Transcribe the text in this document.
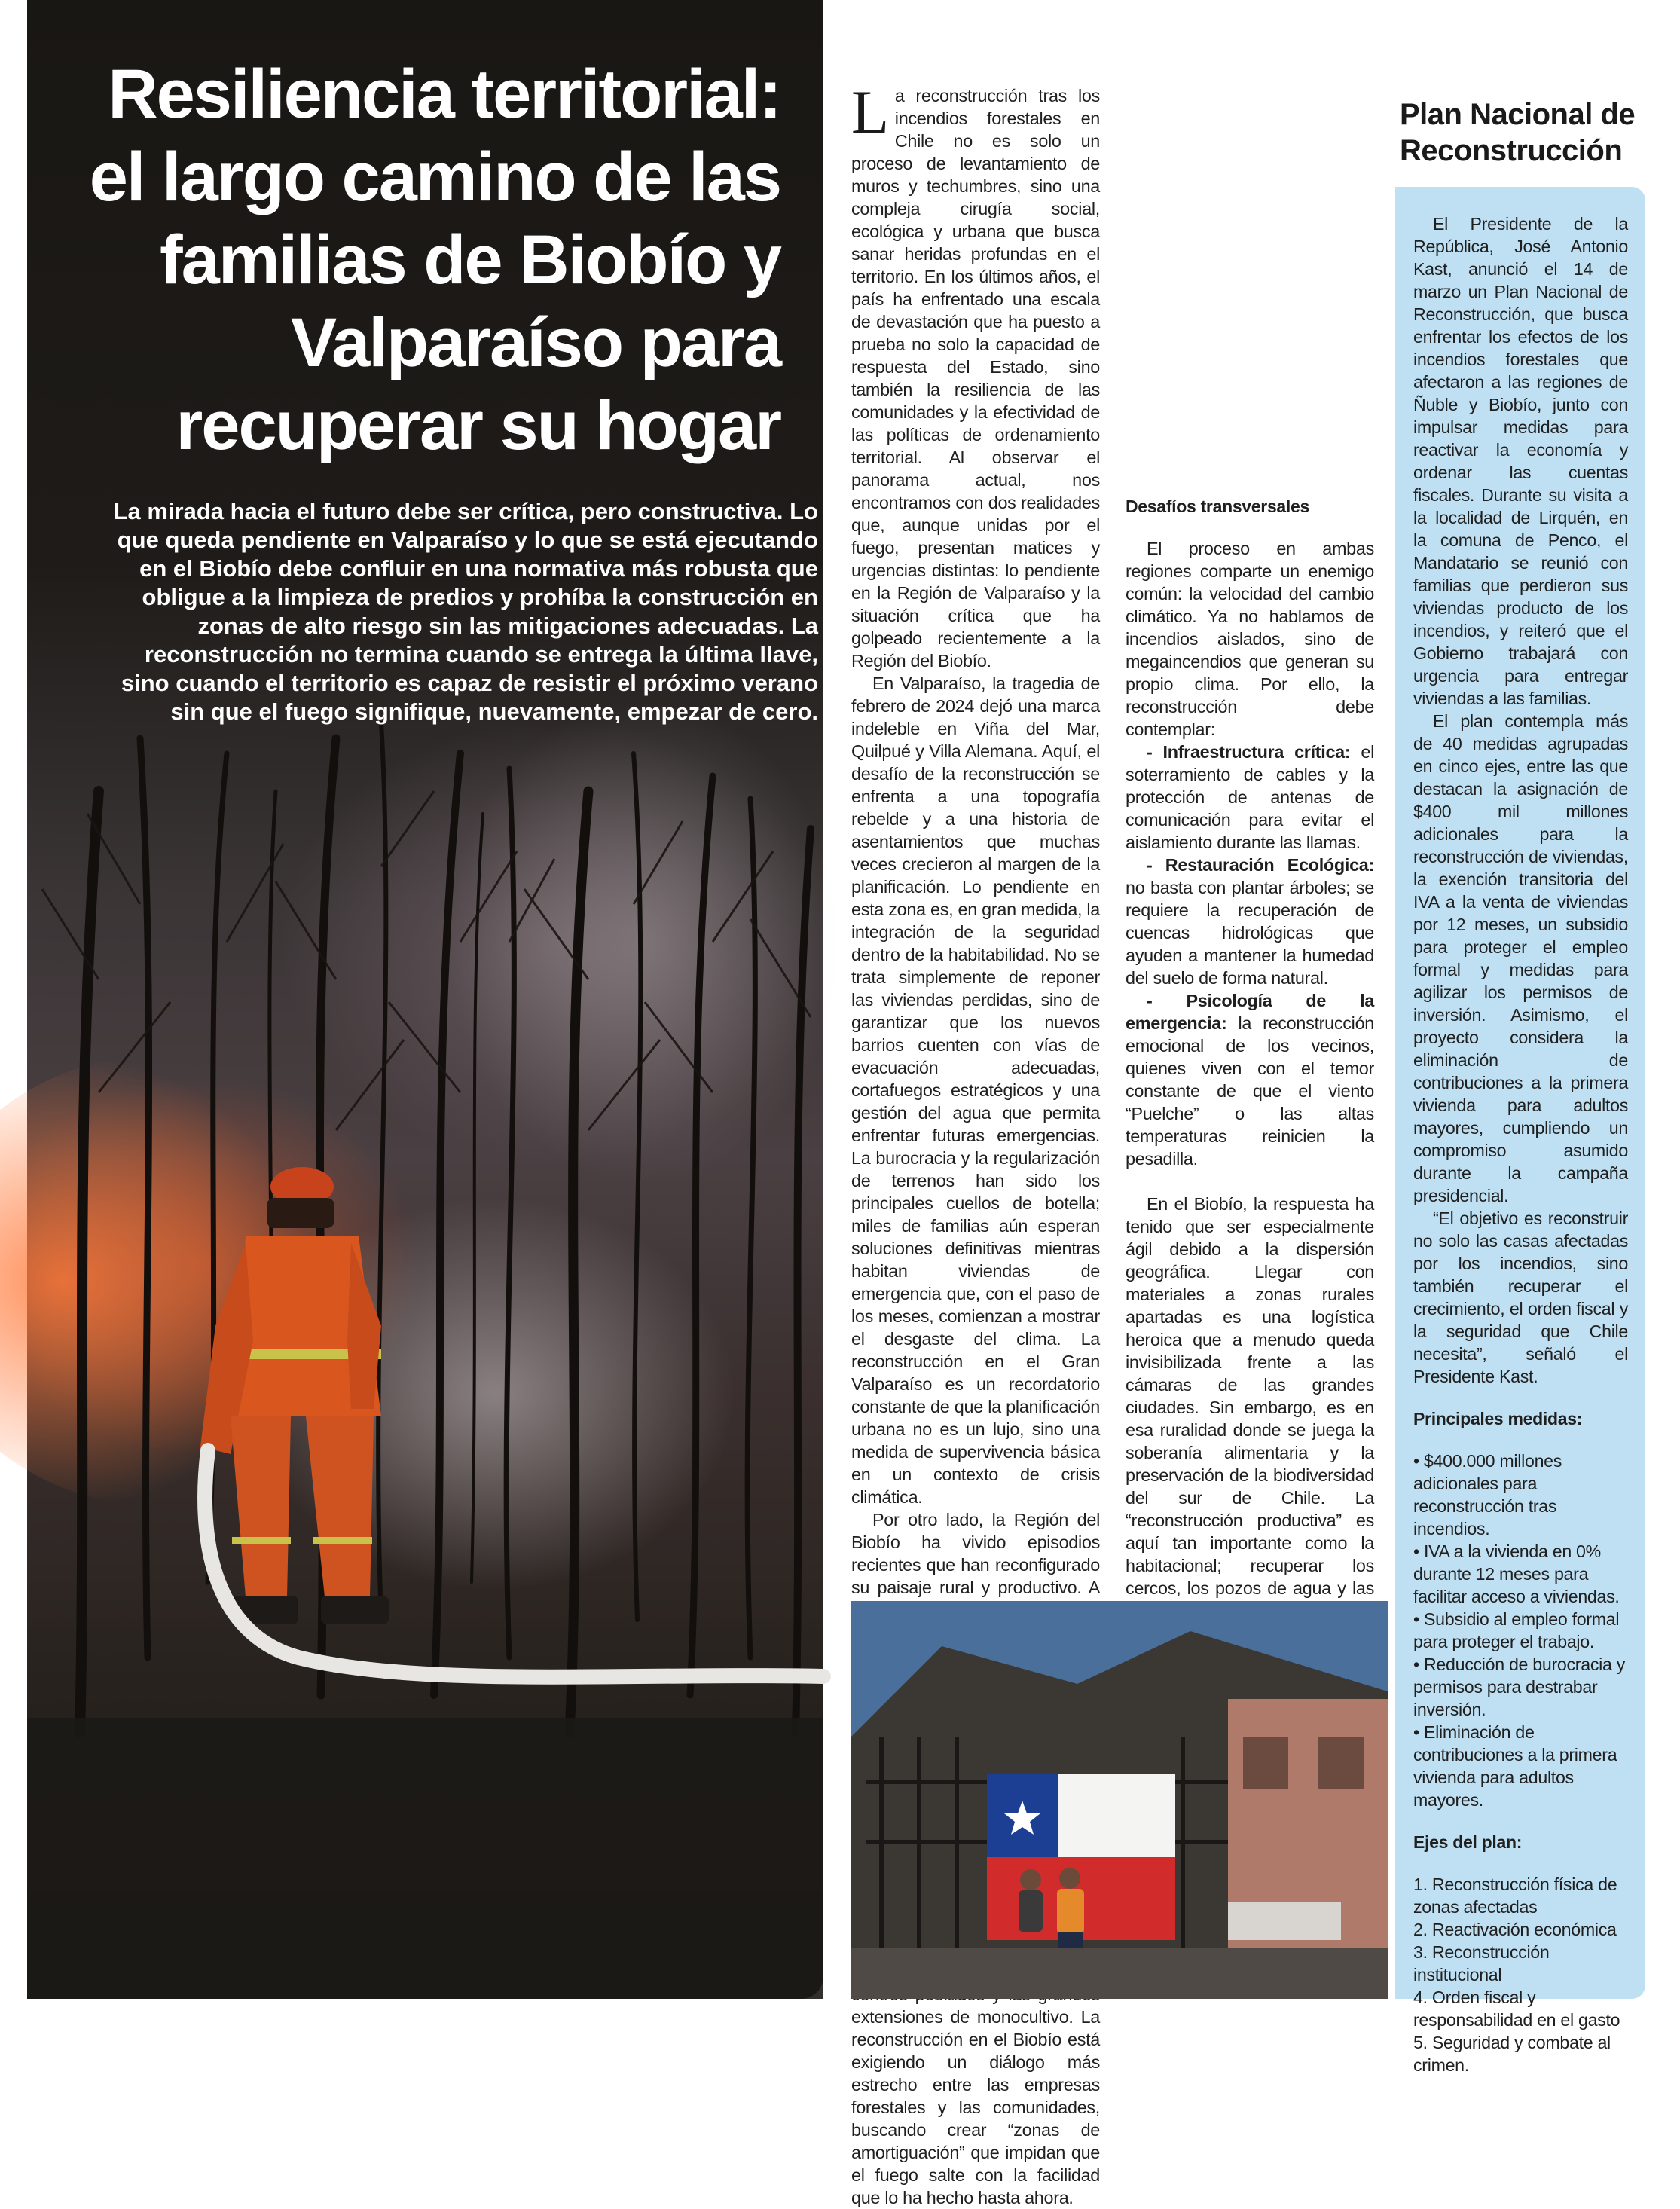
Resiliencia territorial: el largo camino de las familias de Biobío y Valparaíso para recuperar su hogar

La mirada hacia el futuro debe ser crítica, pero constructiva. Lo que queda pendiente en Valparaíso y lo que se está ejecutando en el Biobío debe confluir en una normativa más robusta que obligue a la limpieza de predios y prohíba la construcción en zonas de alto riesgo sin las mitigaciones adecuadas. La reconstrucción no termina cuando se entrega la última llave, sino cuando el territorio es capaz de resistir el próximo verano sin que el fuego signifique, nuevamente, empezar de cero.

La reconstrucción tras los incendios forestales en Chile no es solo un proceso de levantamiento de muros y techumbres, sino una compleja cirugía social, ecológica y urbana que busca sanar heridas profundas en el territorio. En los últimos años, el país ha enfrentado una escala de devastación que ha puesto a prueba no solo la capacidad de respuesta del Estado, sino también la resiliencia de las comunidades y la efectividad de las políticas de ordenamiento territorial. Al observar el panorama actual, nos encontramos con dos realidades que, aunque unidas por el fuego, presentan matices y urgencias distintas: lo pendiente en la Región de Valparaíso y la situación crítica que ha golpeado recientemente a la Región del Biobío.

En Valparaíso, la tragedia de febrero de 2024 dejó una marca indeleble en Viña del Mar, Quilpué y Villa Alemana. Aquí, el desafío de la reconstrucción se enfrenta a una topografía rebelde y a una historia de asentamientos que muchas veces crecieron al margen de la planificación. Lo pendiente en esta zona es, en gran medida, la integración de la seguridad dentro de la habitabilidad. No se trata simplemente de reponer las viviendas perdidas, sino de garantizar que los nuevos barrios cuenten con vías de evacuación adecuadas, cortafuegos estratégicos y una gestión del agua que permita enfrentar futuras emergencias. La burocracia y la regularización de terrenos han sido los principales cuellos de botella; miles de familias aún esperan soluciones definitivas mientras habitan viviendas de emergencia que, con el paso de los meses, comienzan a mostrar el desgaste del clima. La reconstrucción en el Gran Valparaíso es un recordatorio constante de que la planificación urbana no es un lujo, sino una medida de supervivencia básica en un contexto de crisis climática.

Por otro lado, la Región del Biobío ha vivido episodios recientes que han reconfigurado su paisaje rural y productivo. A extensiones de monocultivo. La reconstrucción en el Biobío está exigiendo un diálogo más estrecho entre las empresas forestales y las comunidades, buscando crear “zonas de amortiguación” que impidan que el fuego salte con la facilidad que lo ha hecho hasta ahora.

Desafíos transversales

El proceso en ambas regiones comparte un enemigo común: la velocidad del cambio climático. Ya no hablamos de incendios aislados, sino de megaincendios que generan su propio clima. Por ello, la reconstrucción debe contemplar:

- Infraestructura crítica: el soterramiento de cables y la protección de antenas de comunicación para evitar el aislamiento durante las llamas.

- Restauración Ecológica: no basta con plantar árboles; se requiere la recuperación de cuencas hidrológicas que ayuden a mantener la humedad del suelo de forma natural.

- Psicología de la emergencia: la reconstrucción emocional de los vecinos, quienes viven con el temor constante de que el viento “Puelche” o las altas temperaturas reinicien la pesadilla.

En el Biobío, la respuesta ha tenido que ser especialmente ágil debido a la dispersión geográfica. Llegar con materiales a zonas rurales apartadas es una logística heroica que a menudo queda invisibilizada frente a las cámaras de las grandes ciudades. Sin embargo, es en esa ruralidad donde se juega la soberanía alimentaria y la preservación de la biodiversidad del sur de Chile. La “reconstrucción productiva” es aquí tan importante como la habitacional; recuperar los cercos, los pozos de agua y las

Plan Nacional de Reconstrucción

El Presidente de la República, José Antonio Kast, anunció el 14 de marzo un Plan Nacional de Reconstrucción, que busca enfrentar los efectos de los incendios forestales que afectaron a las regiones de Ñuble y Biobío, junto con impulsar medidas para reactivar la economía y ordenar las cuentas fiscales. Durante su visita a la localidad de Lirquén, en la comuna de Penco, el Mandatario se reunió con familias que perdieron sus viviendas producto de los incendios, y reiteró que el Gobierno trabajará con urgencia para entregar viviendas a las familias.

El plan contempla más de 40 medidas agrupadas en cinco ejes, entre las que destacan la asignación de $400 mil millones adicionales para la reconstrucción de viviendas, la exención transitoria del IVA a la venta de viviendas por 12 meses, un subsidio para proteger el empleo formal y medidas para agilizar los permisos de inversión. Asimismo, el proyecto considera la eliminación de contribuciones a la primera vivienda para adultos mayores, cumpliendo un compromiso asumido durante la campaña presidencial.

“El objetivo es reconstruir no solo las casas afectadas por los incendios, sino también recuperar el crecimiento, el orden fiscal y la seguridad que Chile necesita”, señaló el Presidente Kast.

Principales medidas:
• $400.000 millones adicionales para reconstrucción tras incendios.
• IVA a la vivienda en 0% durante 12 meses para facilitar acceso a viviendas.
• Subsidio al empleo formal para proteger el trabajo.
• Reducción de burocracia y permisos para destrabar inversión.
• Eliminación de contribuciones a la primera vivienda para adultos mayores.
Ejes del plan:
1. Reconstrucción física de zonas afectadas
2. Reactivación económica
3. Reconstrucción institucional
4. Orden fiscal y responsabilidad en el gasto
5. Seguridad y combate al crimen.
